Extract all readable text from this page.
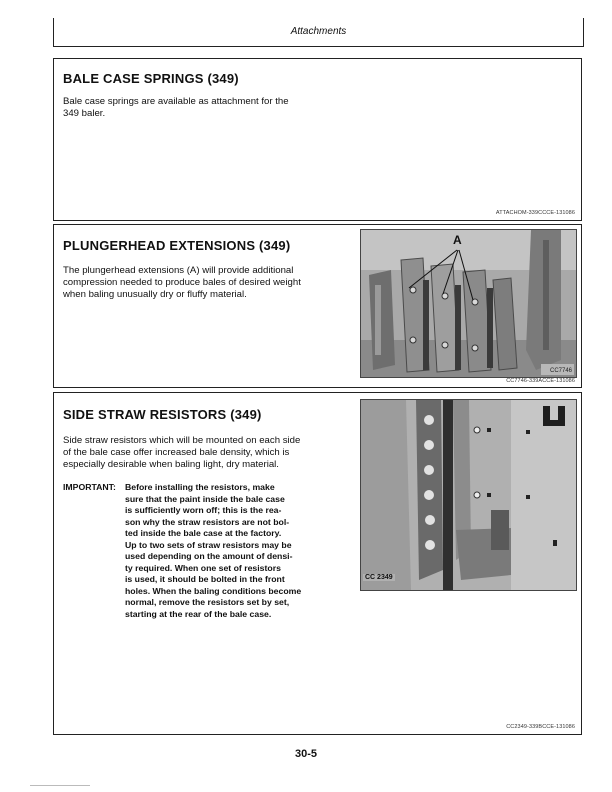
Attachments
BALE CASE SPRINGS (349)
Bale case springs are available as attachment for the
349 baler.
ATTACHOM-339CCCE-131086
PLUNGERHEAD EXTENSIONS (349)
The plungerhead extensions (A) will provide additional
compression needed to produce bales of desired weight
when baling unusually dry or fluffy material.
A
CC7746
CC7746-339ACCE-131086
SIDE STRAW RESISTORS (349)
Side straw resistors which will be mounted on each side
of the bale case offer increased bale density, which is
especially desirable when baling light, dry material.
IMPORTANT: Before installing the resistors, make
sure that the paint inside the bale case
is sufficiently worn off; this is the rea-
son why the straw resistors are not bol-
ted inside the bale case at the factory.
Up to two sets of straw resistors may be
used depending on the amount of densi-
ty required. When one set of resistors
is used, it should be bolted in the front
holes. When the baling conditions become
normal, remove the resistors set by set,
starting at the rear of the bale case.
CC 2349
CC2349-339BCCE-131086
30-5
